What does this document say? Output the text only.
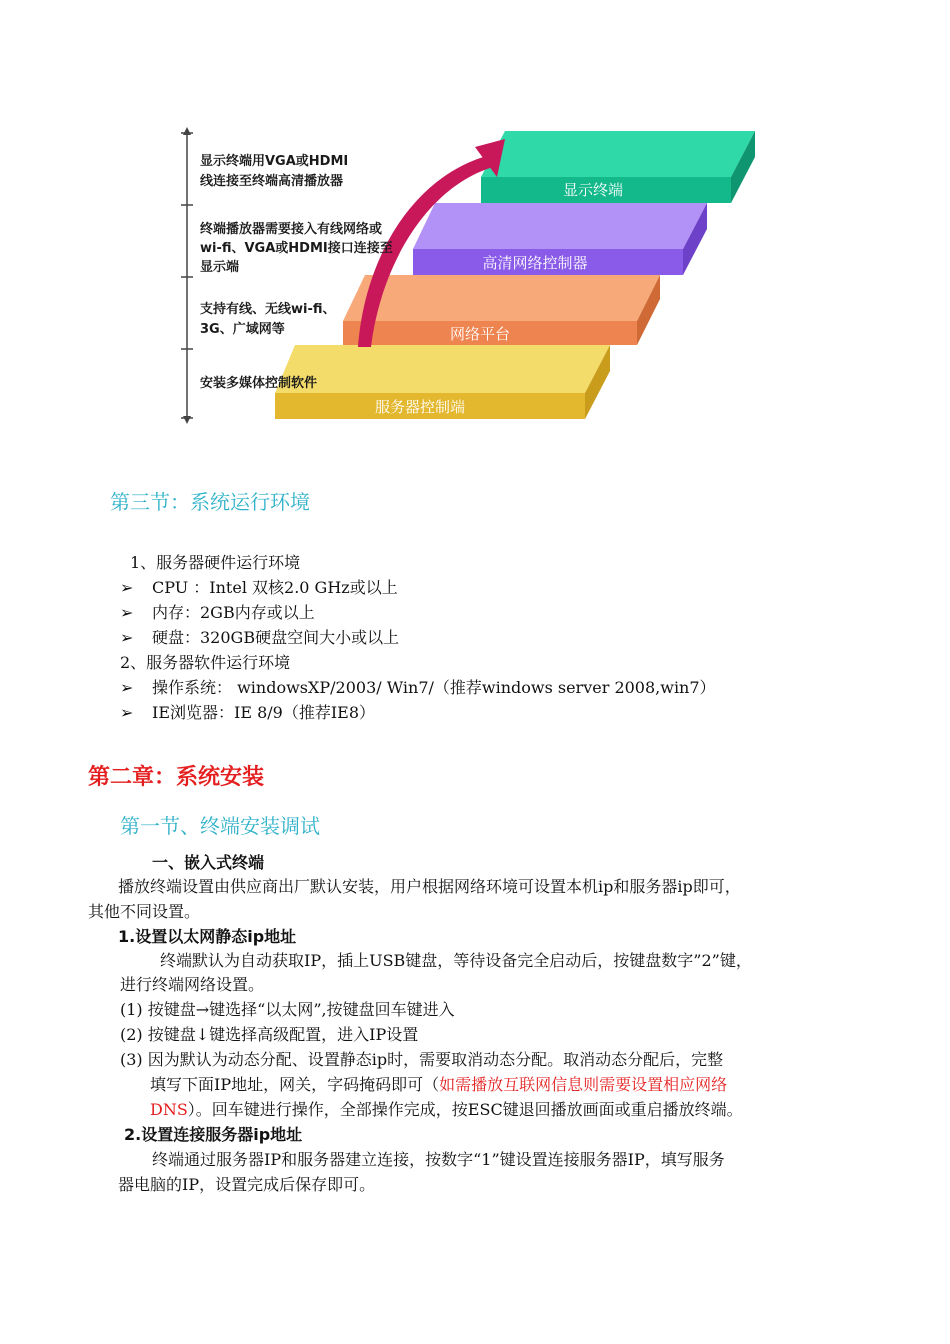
服务器控制端
网络平台
高清网络控制器
显示终端
显示终端用VGA或HDMI
线连接至终端高清播放器
终端播放器需要接入有线网络或
wi-fi、VGA或HDMI接口连接至
显示端
支持有线、无线wi-fi、
3G、广域网等
安装多媒体控制软件
第三节：系统运行环境
1、服务器硬件运行环境
➢ CPU ：Intel 双核2.0 GHz或以上
➢ 内存：2GB内存或以上
➢ 硬盘：320GB硬盘空间大小或以上
2、服务器软件运行环境
➢ 操作系统： windowsXP/2003/ Win7/（推荐windows server 2008,win7）
➢ IE浏览器：IE 8/9（推荐IE8）
第二章：系统安装
第一节、终端安装调试
一、嵌入式终端
播放终端设置由供应商出厂默认安装，用户根据网络环境可设置本机ip和服务器ip即可，
其他不同设置。
1.设置以太网静态ip地址
终端默认为自动获取IP，插上USB键盘，等待设备完全启动后，按键盘数字”2”键，
进行终端网络设置。
(1) 按键盘→键选择“以太网”,按键盘回车键进入
(2) 按键盘↓键选择高级配置，进入IP设置
(3) 因为默认为动态分配、设置静态ip时，需要取消动态分配。取消动态分配后，完整
填写下面IP地址，网关，字码掩码即可（如需播放互联网信息则需要设置相应网络
DNS）。回车键进行操作，全部操作完成，按ESC键退回播放画面或重启播放终端。
2.设置连接服务器ip地址
终端通过服务器IP和服务器建立连接，按数字“1”键设置连接服务器IP，填写服务
器电脑的IP，设置完成后保存即可。
